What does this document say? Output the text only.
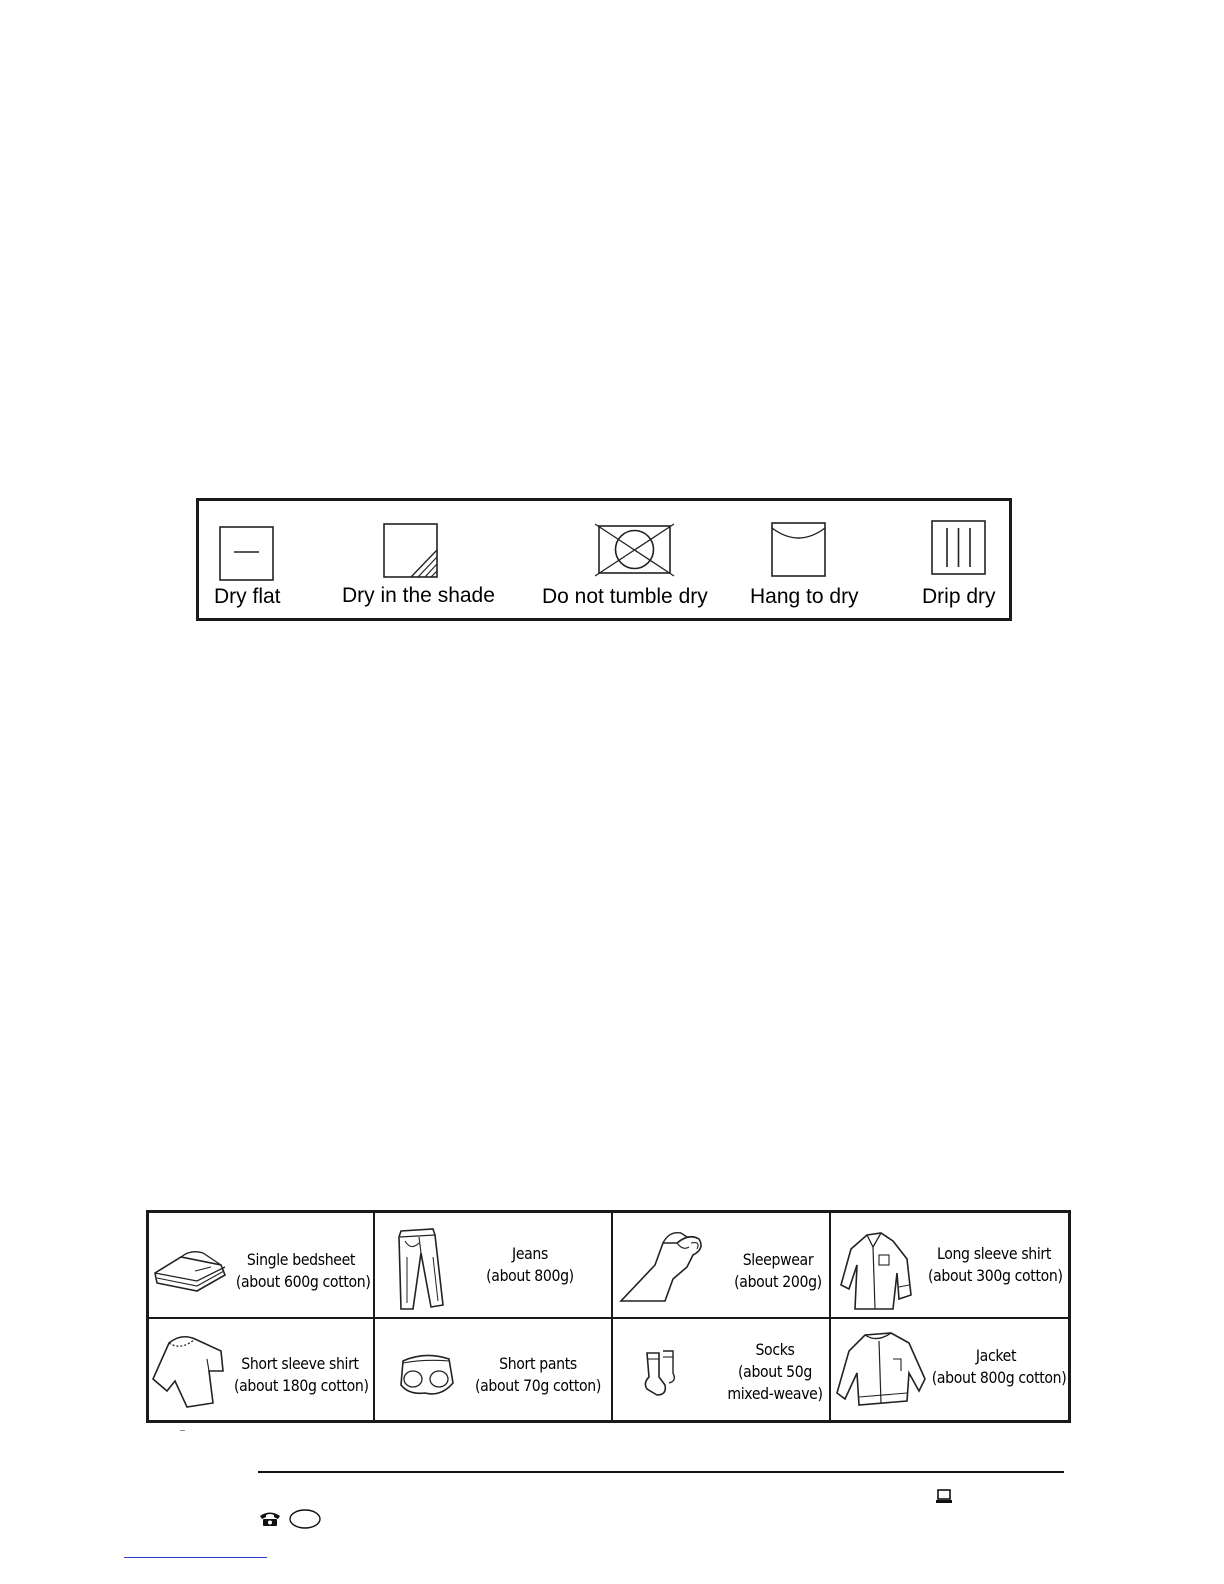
Dry flat	Dry in the shade Do not tumble dry Hang to dry	Drip dry
Single bedsheet
(about 600g cotton)
Jeans
(about 800g)
Sleepwear
(about 200g)
Long sleeve shirt
(about 300g cotton)
Short sleeve shirt
(about 180g cotton)
Short pants
(about 70g cotton)
Socks
(about 50g
mixed-weave)
Jacket
(about 800g cotton)
